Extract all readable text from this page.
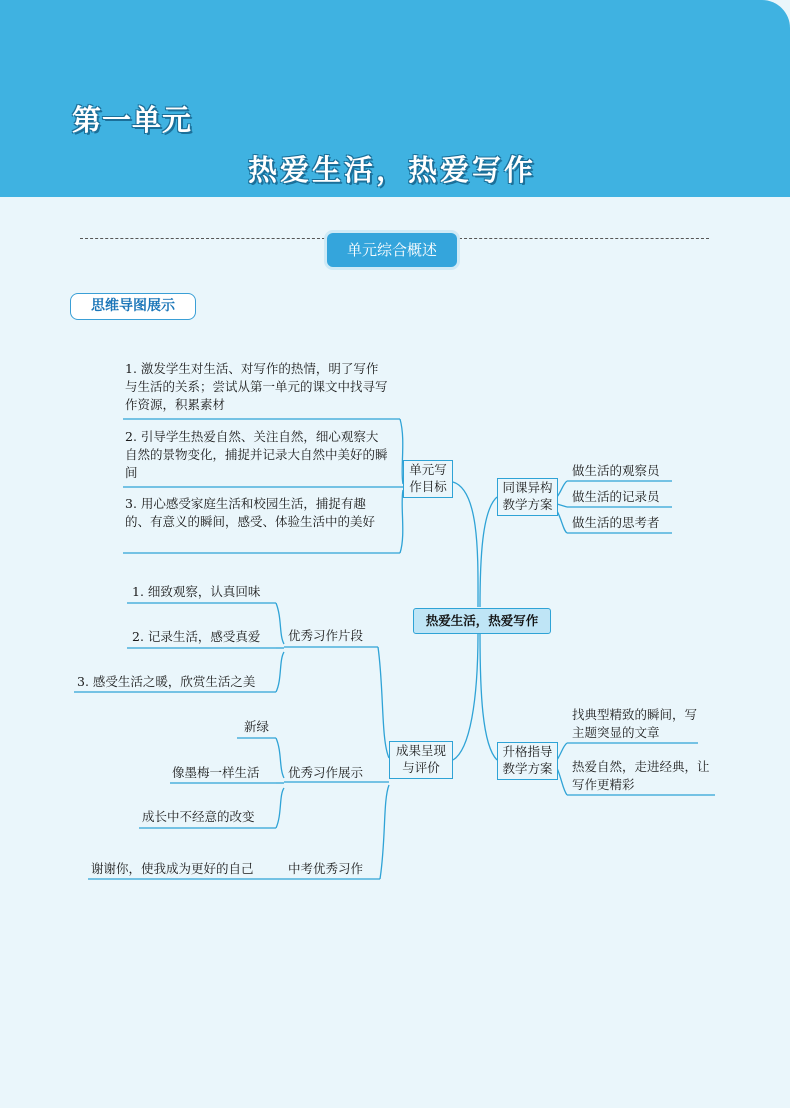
第一单元
热爱生活，热爱写作
单元综合概述
思维导图展示
1. 激发学生对生活、对写作的热情，明了写作与生活的关系；尝试从第一单元的课文中找寻写作资源，积累素材
2. 引导学生热爱自然、关注自然，细心观察大自然的景物变化，捕捉并记录大自然中美好的瞬间
3. 用心感受家庭生活和校园生活，捕捉有趣的、有意义的瞬间，感受、体验生活中的美好
单元写作目标	同课异构教学方案
做生活的观察员
做生活的记录员
做生活的思考者
热爱生活，热爱写作
升格指导教学方案
找典型精致的瞬间，写主题突显的文章
热爱自然，走进经典，让写作更精彩
成果呈现与评价
1. 细致观察，认真回味
2. 记录生活，感受真爱
3. 感受生活之暖，欣赏生活之美
优秀习作片段
新绿
像墨梅一样生活
成长中不经意的改变
优秀习作展示
谢谢你，使我成为更好的自己	中考优秀习作
